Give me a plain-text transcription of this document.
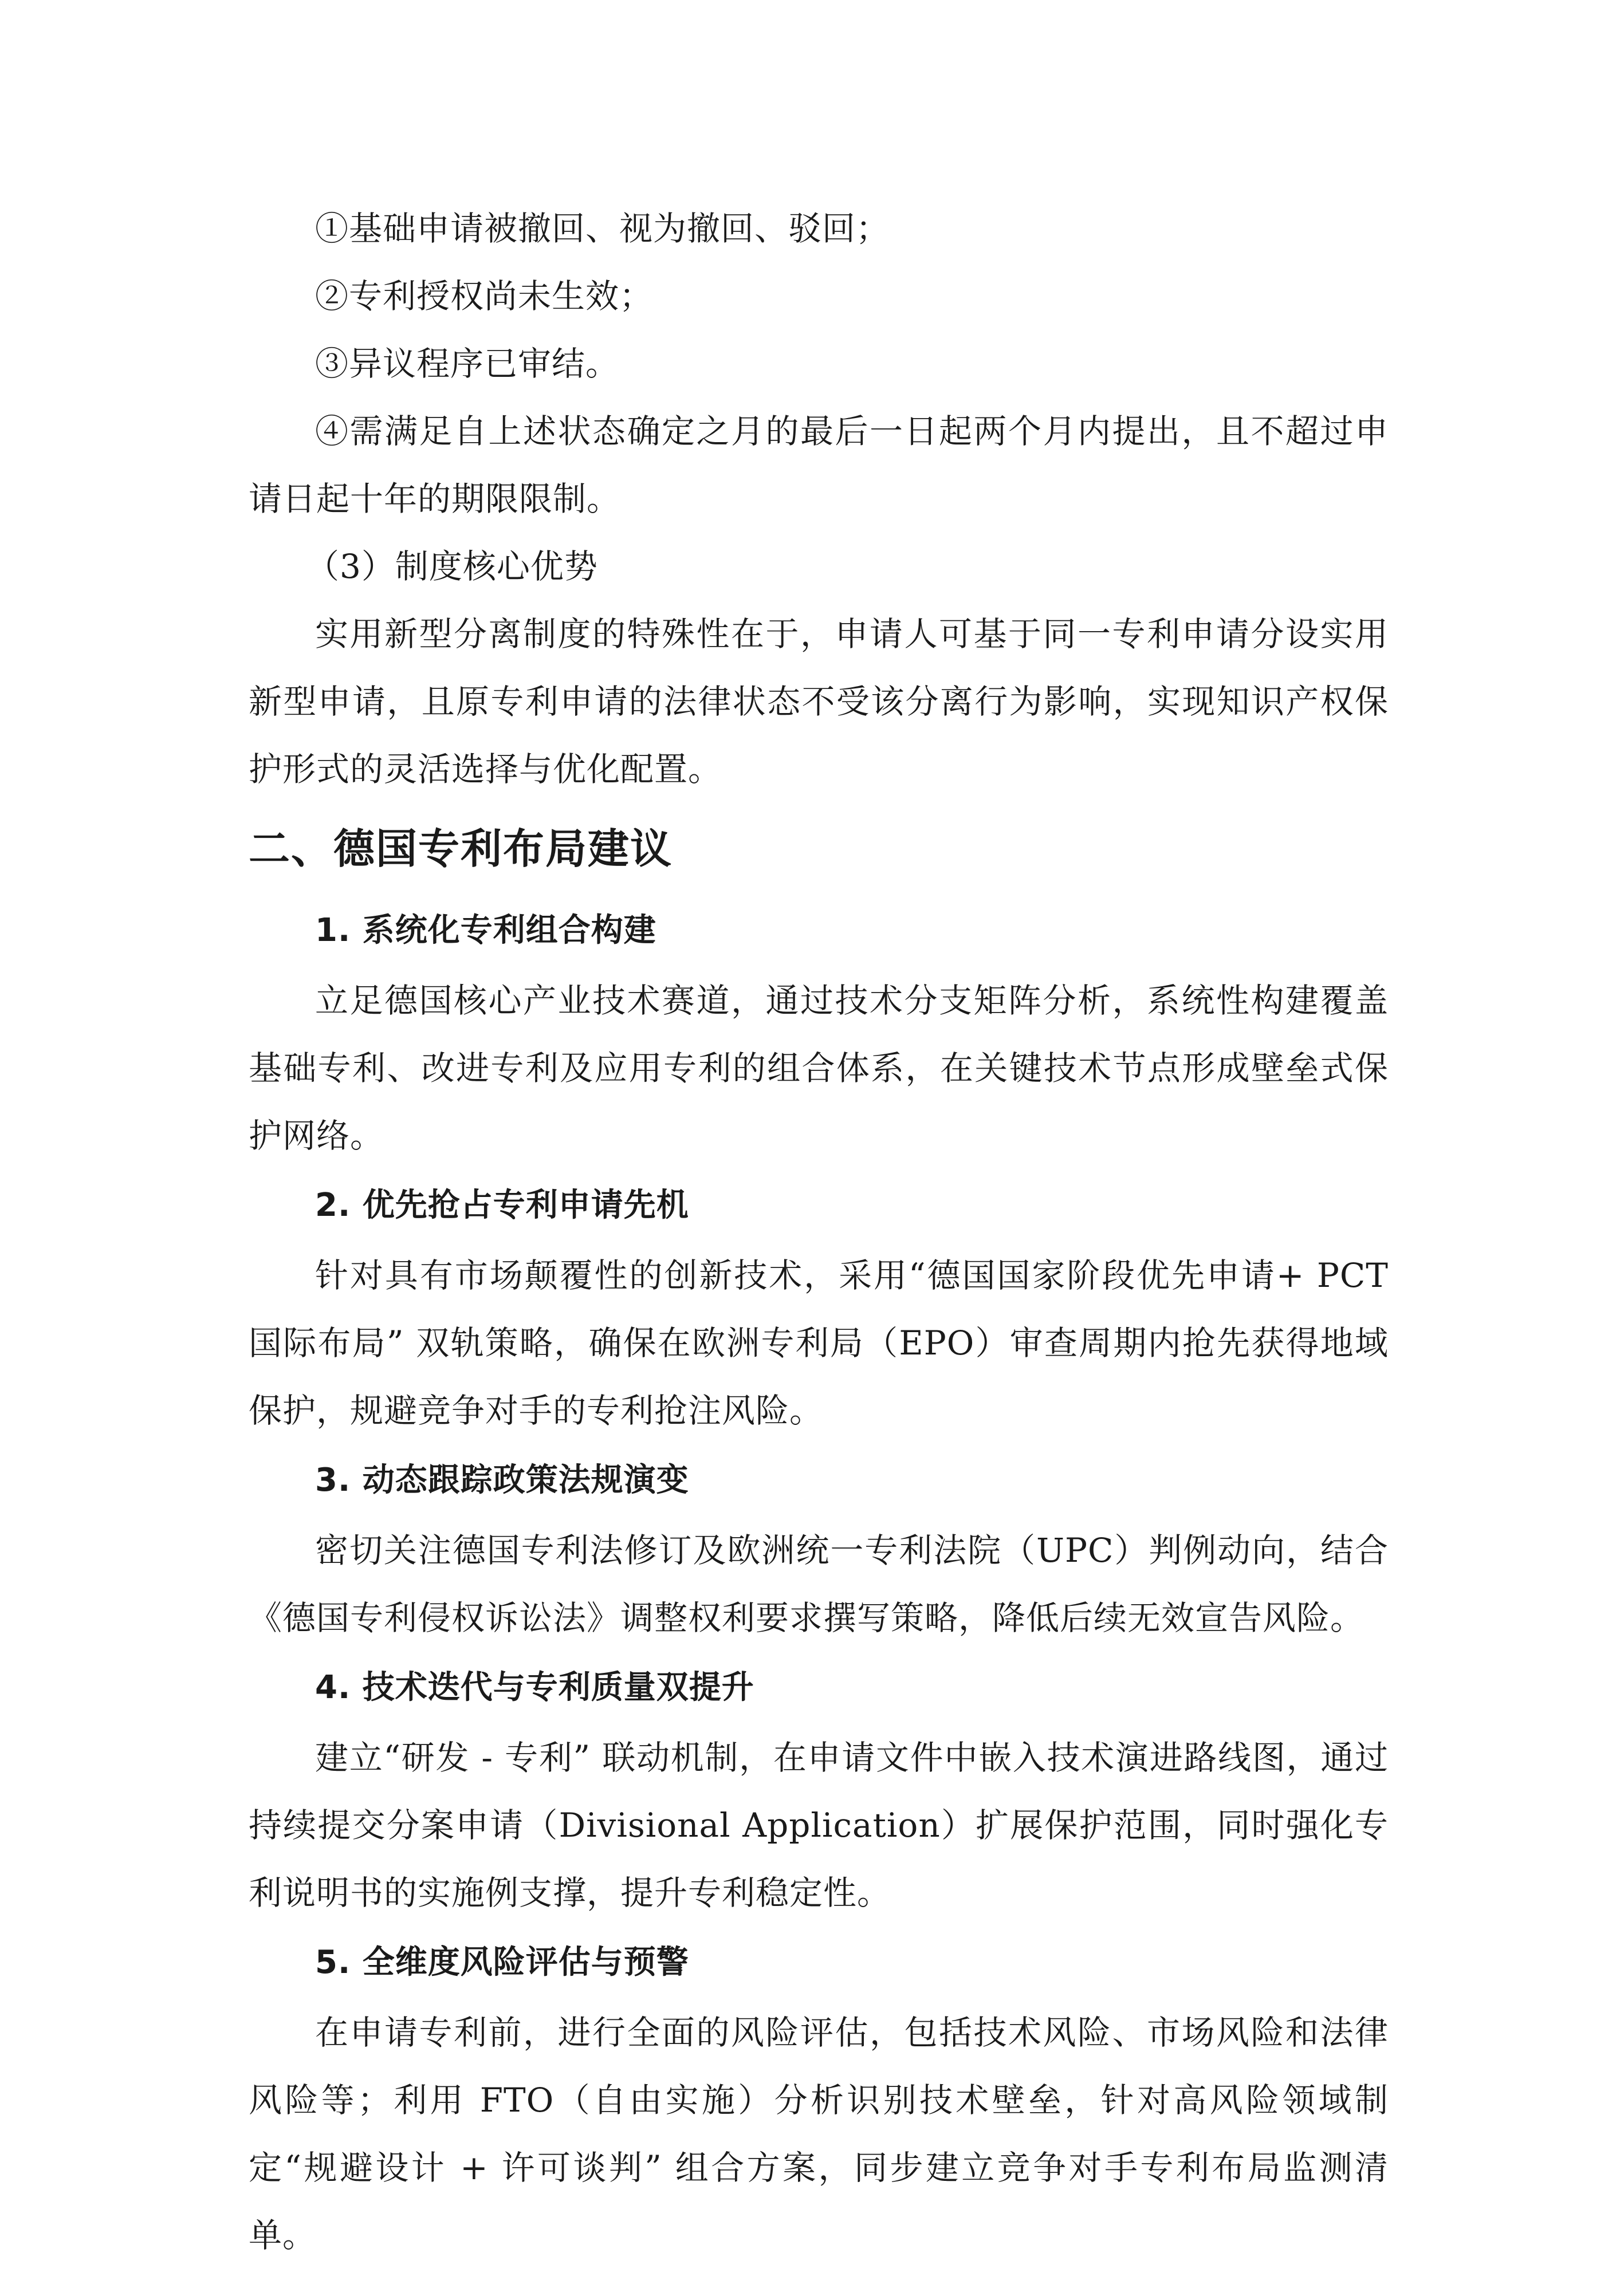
①基础申请被撤回、视为撤回、驳回；

②专利授权尚未生效；

③异议程序已审结。

④需满足自上述状态确定之月的最后一日起两个月内提出，且不超过申请日起十年的期限限制。

（3）制度核心优势

实用新型分离制度的特殊性在于，申请人可基于同一专利申请分设实用新型申请，且原专利申请的法律状态不受该分离行为影响，实现知识产权保护形式的灵活选择与优化配置。

二、德国专利布局建议
1. 系统化专利组合构建

立足德国核心产业技术赛道，通过技术分支矩阵分析，系统性构建覆盖基础专利、改进专利及应用专利的组合体系，在关键技术节点形成壁垒式保护网络。

2. 优先抢占专利申请先机

针对具有市场颠覆性的创新技术，采用“德国国家阶段优先申请+ PCT 国际布局” 双轨策略，确保在欧洲专利局（EPO）审查周期内抢先获得地域保护，规避竞争对手的专利抢注风险。

3. 动态跟踪政策法规演变

密切关注德国专利法修订及欧洲统一专利法院（UPC）判例动向，结合《德国专利侵权诉讼法》调整权利要求撰写策略，降低后续无效宣告风险。

4. 技术迭代与专利质量双提升

建立“研发 - 专利” 联动机制，在申请文件中嵌入技术演进路线图，通过持续提交分案申请（Divisional Application）扩展保护范围，同时强化专利说明书的实施例支撑，提升专利稳定性。

5. 全维度风险评估与预警

在申请专利前，进行全面的风险评估，包括技术风险、市场风险和法律风险等；利用 FTO（自由实施）分析识别技术壁垒，针对高风险领域制定“规避设计 + 许可谈判” 组合方案，同步建立竞争对手专利布局监测清单。
